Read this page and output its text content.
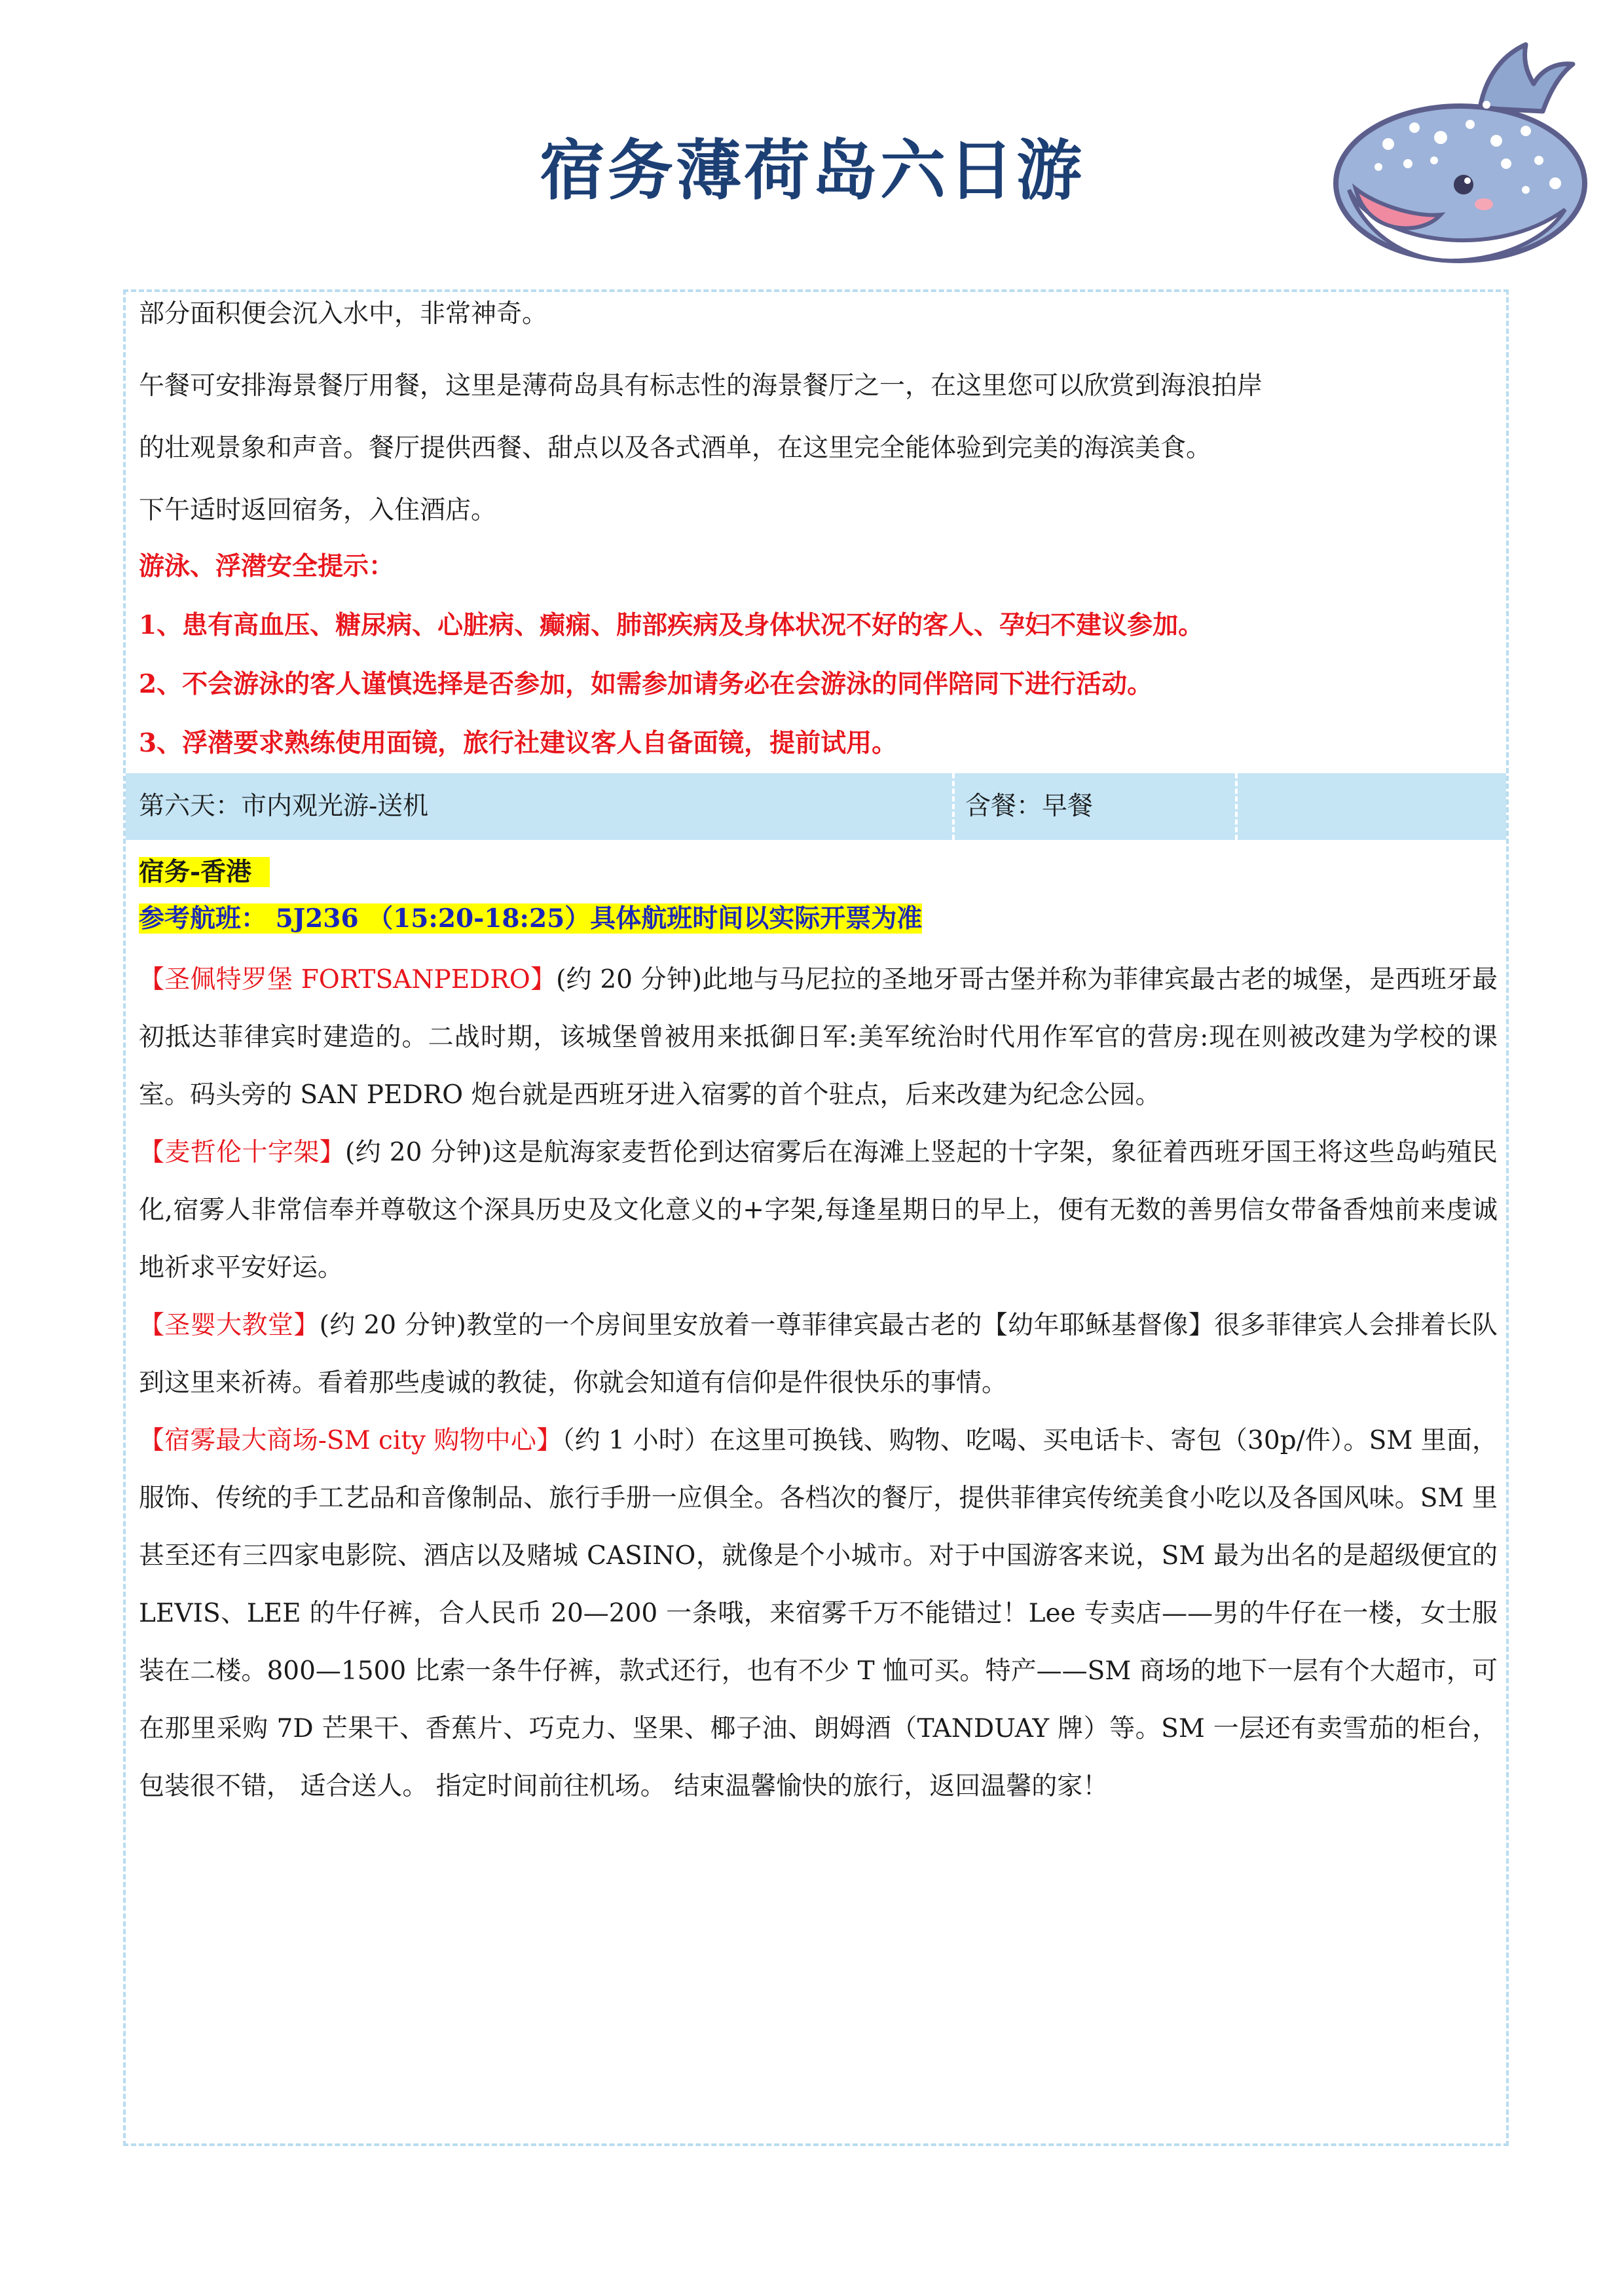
宿务薄荷岛六日游

部分面积便会沉入水中，非常神奇。

午餐可安排海景餐厅用餐，这里是薄荷岛具有标志性的海景餐厅之一，在这里您可以欣赏到海浪拍岸

的壮观景象和声音。餐厅提供西餐、甜点以及各式酒单，在这里完全能体验到完美的海滨美食。

下午适时返回宿务，入住酒店。

游泳、浮潜安全提示：

1、患有高血压、糖尿病、心脏病、癫痫、肺部疾病及身体状况不好的客人、孕妇不建议参加。

2、不会游泳的客人谨慎选择是否参加，如需参加请务必在会游泳的同伴陪同下进行活动。

3、浮潜要求熟练使用面镜，旅行社建议客人自备面镜，提前试用。

第六天：市内观光游-送机	含餐：早餐

宿务-香港

参考航班： 5J236 （15:20-18:25）具体航班时间以实际开票为准

【圣佩特罗堡 FORTSANPEDRO】(约 20 分钟)此地与马尼拉的圣地牙哥古堡并称为菲律宾最古老的城堡，是西班牙最初抵达菲律宾时建造的。二战时期，该城堡曾被用来抵御日军:美军统治时代用作军官的营房:现在则被改建为学校的课室。码头旁的 SAN PEDRO 炮台就是西班牙进入宿雾的首个驻点，后来改建为纪念公园。

【麦哲伦十字架】(约 20 分钟)这是航海家麦哲伦到达宿雾后在海滩上竖起的十字架，象征着西班牙国王将这些岛屿殖民化,宿雾人非常信奉并尊敬这个深具历史及文化意义的+字架,每逢星期日的早上，便有无数的善男信女带备香烛前来虔诚地祈求平安好运。

【圣婴大教堂】(约 20 分钟)教堂的一个房间里安放着一尊菲律宾最古老的【幼年耶稣基督像】很多菲律宾人会排着长队到这里来祈祷。看着那些虔诚的教徒，你就会知道有信仰是件很快乐的事情。

【宿雾最大商场-SM city 购物中心】（约 1 小时）在这里可换钱、购物、吃喝、买电话卡、寄包（30p/件）。SM 里面，服饰、传统的手工艺品和音像制品、旅行手册一应俱全。各档次的餐厅，提供菲律宾传统美食小吃以及各国风味。SM 里甚至还有三四家电影院、酒店以及赌城 CASINO，就像是个小城市。对于中国游客来说，SM 最为出名的是超级便宜的 LEVIS、LEE 的牛仔裤，合人民币 20—200 一条哦，来宿雾千万不能错过！Lee 专卖店——男的牛仔在一楼，女士服装在二楼。800—1500 比索一条牛仔裤，款式还行，也有不少 T 恤可买。特产——SM 商场的地下一层有个大超市，可在那里采购 7D 芒果干、香蕉片、巧克力、坚果、椰子油、朗姆酒（TANDUAY 牌）等。SM 一层还有卖雪茄的柜台，包装很不错， 适合送人。 指定时间前往机场。 结束温馨愉快的旅行，返回温馨的家！
